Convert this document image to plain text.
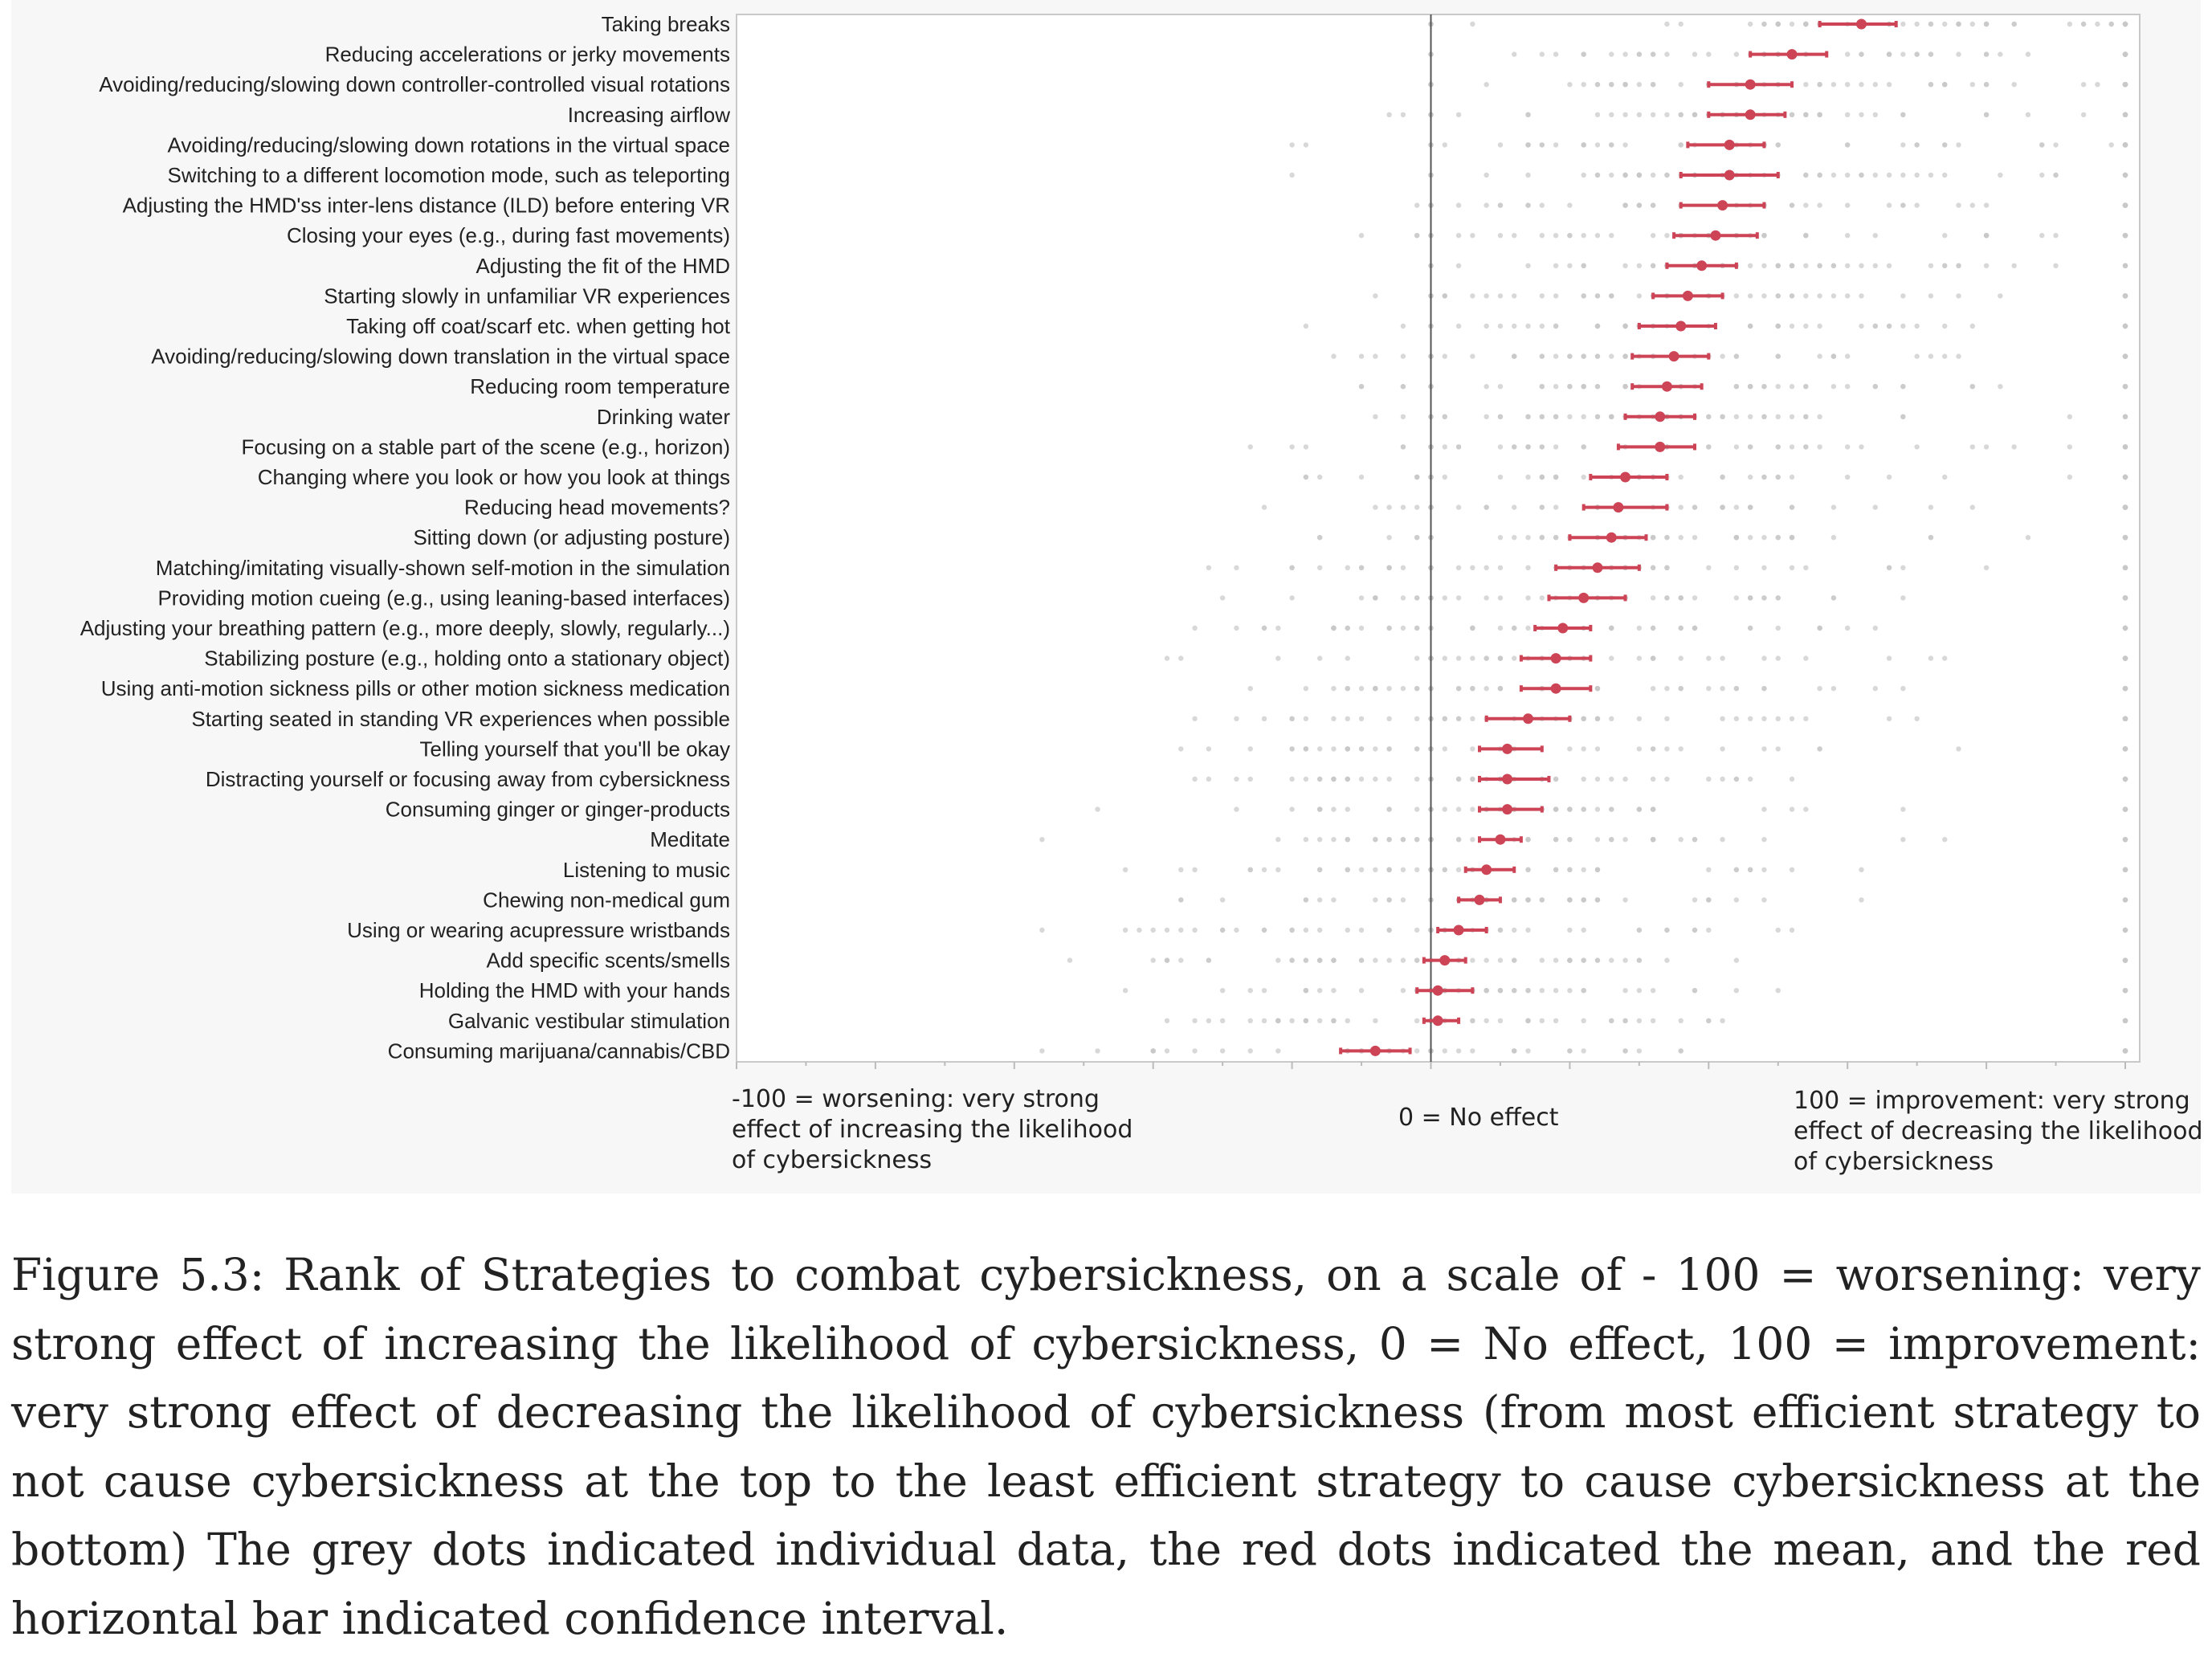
Taking breaks
Reducing accelerations or jerky movements
Avoiding/reducing/slowing down controller-controlled visual rotations
Increasing airflow
Avoiding/reducing/slowing down rotations in the virtual space
Switching to a different locomotion mode, such as teleporting
Adjusting the HMD'ss inter-lens distance (ILD) before entering VR
Closing your eyes (e.g., during fast movements)
Adjusting the fit of the HMD
Starting slowly in unfamiliar VR experiences
Taking off coat/scarf etc. when getting hot
Avoiding/reducing/slowing down translation in the virtual space
Reducing room temperature
Drinking water
Focusing on a stable part of the scene (e.g., horizon)
Changing where you look or how you look at things
Reducing head movements?
Sitting down (or adjusting posture)
Matching/imitating visually-shown self-motion in the simulation
Providing motion cueing (e.g., using leaning-based interfaces)
Adjusting your breathing pattern (e.g., more deeply, slowly, regularly...)
Stabilizing posture (e.g., holding onto a stationary object)
Using anti-motion sickness pills or other motion sickness medication
Starting seated in standing VR experiences when possible
Telling yourself that you'll be okay
Distracting yourself or focusing away from cybersickness
Consuming ginger or ginger-products
Meditate
Listening to music
Chewing non-medical gum
Using or wearing acupressure wristbands
Add specific scents/smells
Holding the HMD with your hands
Galvanic vestibular stimulation
Consuming marijuana/cannabis/CBD
-100 = worsening: very strong effect of increasing the likelihood of cybersickness
0 = No effect
100 = improvement: very strong effect of decreasing the likelihood of cybersickness
Figure 5.3: Rank of Strategies to combat cybersickness, on a scale of - 100 = worsening: very strong effect of increasing the likelihood of cybersickness, 0 = No effect, 100 = improvement: very strong effect of decreasing the likelihood of cybersickness (from most efficient strategy to not cause cybersickness at the top to the least efficient strategy to cause cybersickness at the bottom) The grey dots indicated individual data, the red dots indicated the mean, and the red horizontal bar indicated confidence interval.
